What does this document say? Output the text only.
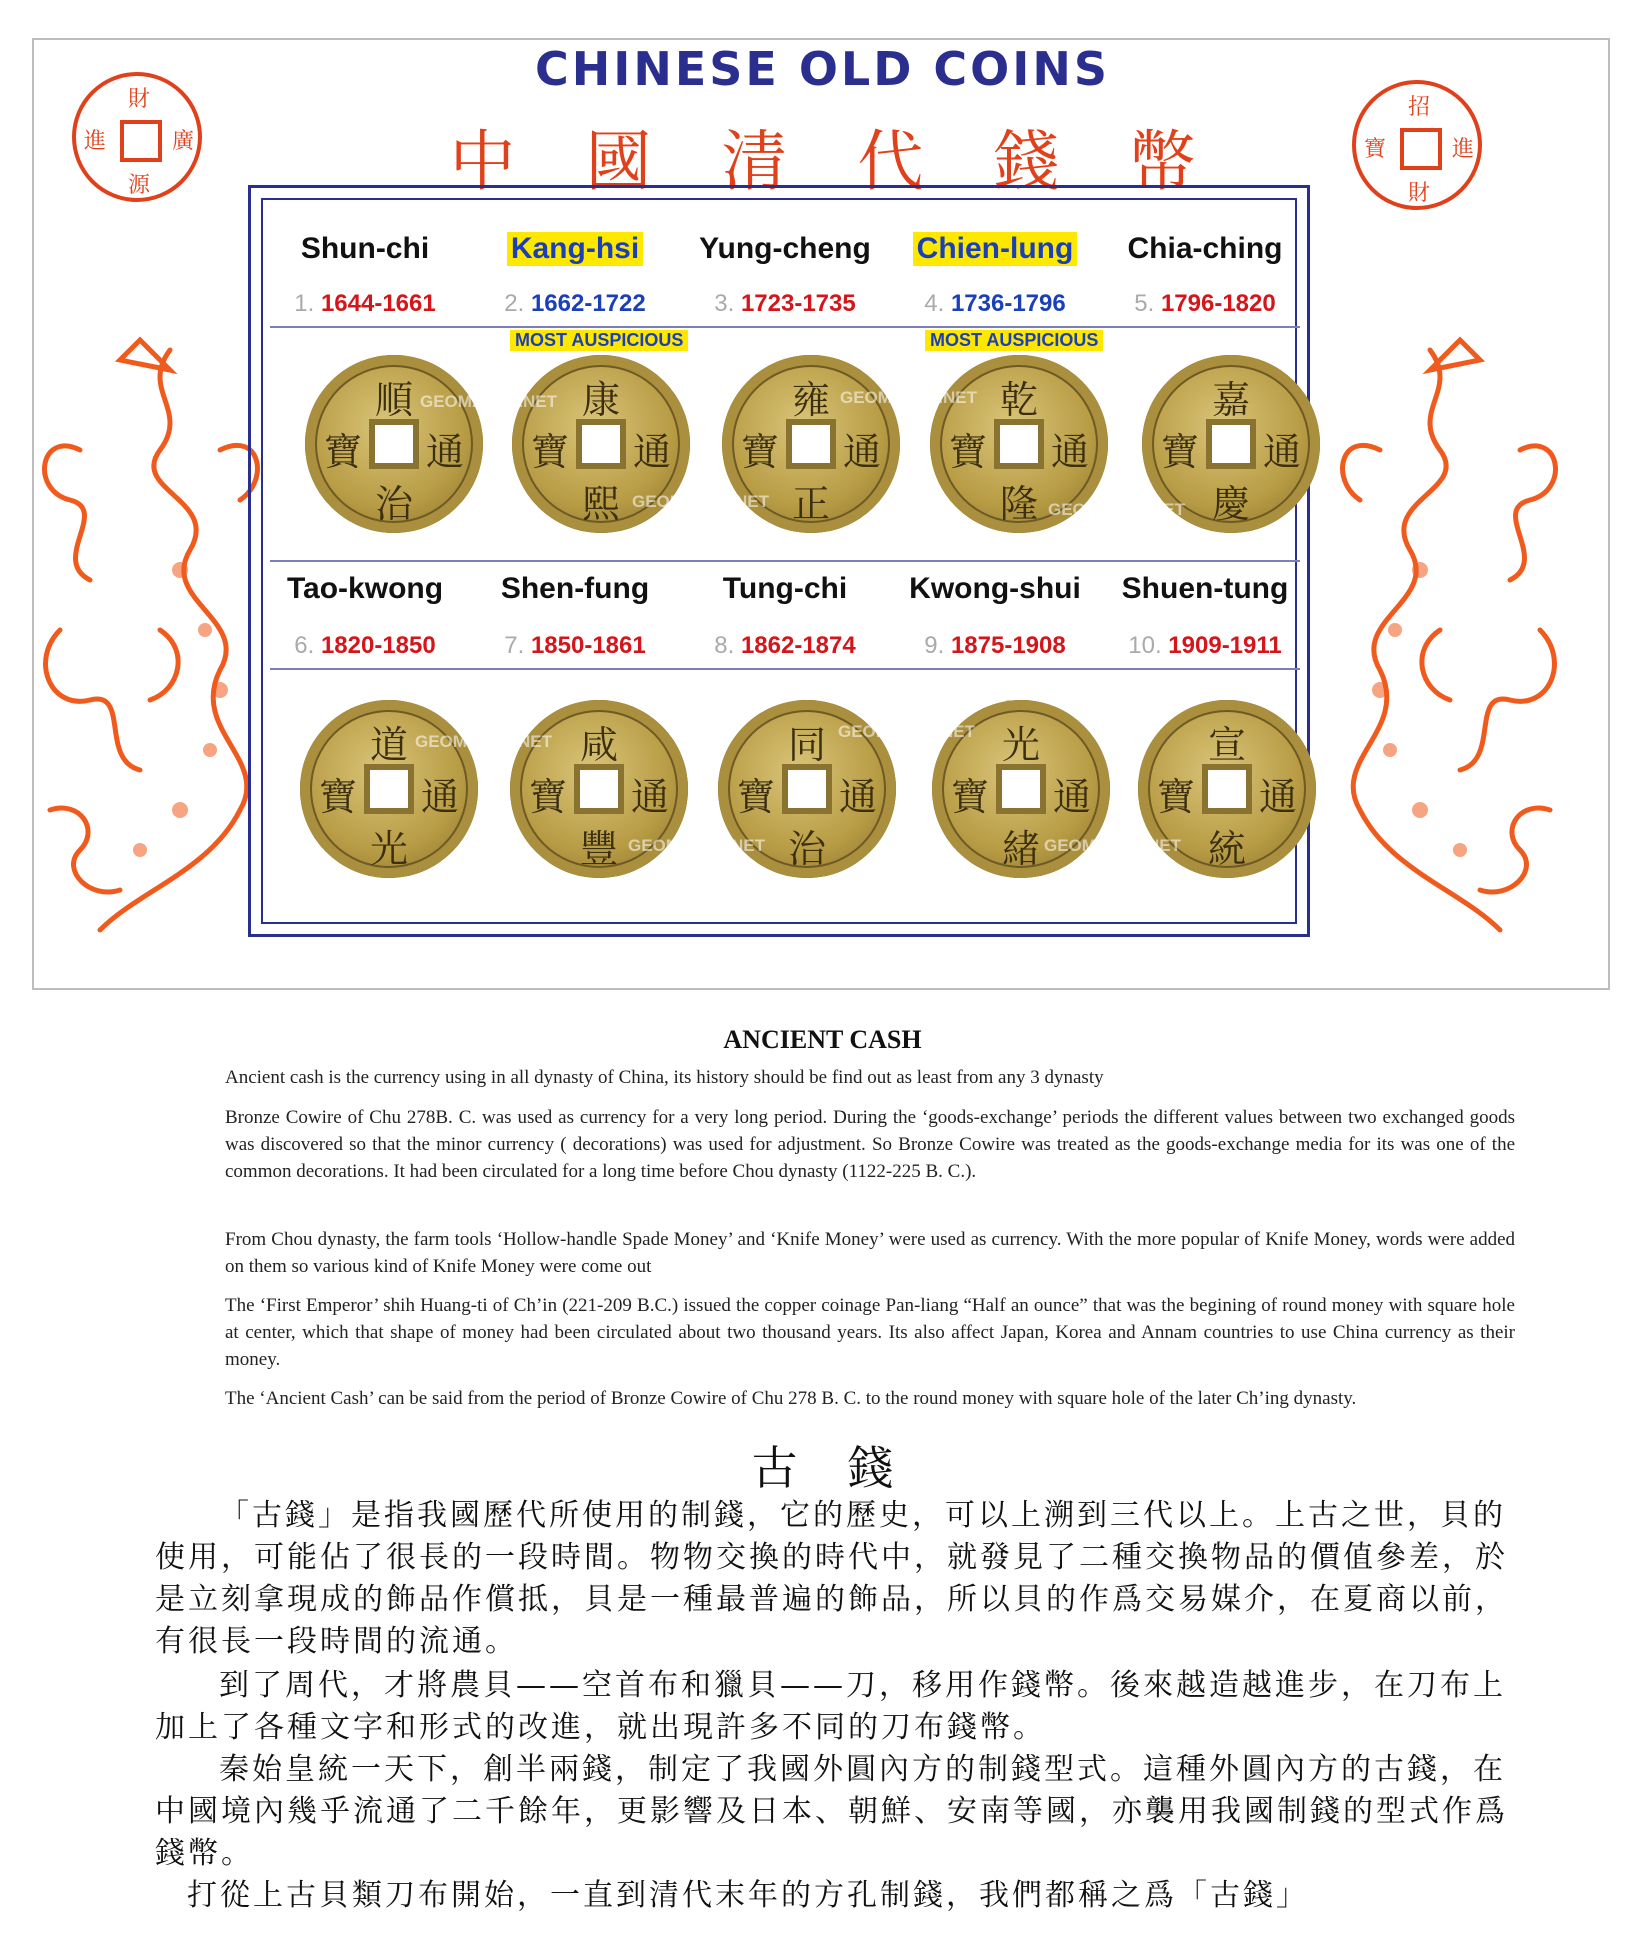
CHINESE OLD COINS
中國清代錢幣
財
廣
源
進
招
進
財
寶
Shun-chi	Kang-hsi	Yung-cheng	Chien-lung	Chia-ching
1. 1644-1661	2. 1662-1722	3. 1723-1735	4. 1736-1796	5. 1796-1820
MOST AUSPICIOUS	MOST AUSPICIOUS
順
治
寶 通
康
熙
寶 通
雍
正
寶 通
乾
隆
寶 通
嘉
慶
寶 通
GEOMANCY.NET	GEOMANCY.NET
GEOMANCY.NET	GEOMANCY.NET
Tao-kwong	Shen-fung	Tung-chi	Kwong-shui	Shuen-tung
6. 1820-1850	7. 1850-1861	8. 1862-1874	9. 1875-1908	10. 1909-1911
道
光
寶 通
咸
豐
寶 通
同
治
寶 通
光
緒
寶 通
宣
統
寶 通
GEOMANCY.NET
GEOMANCY.NET
GEOMANCY.NET	GEOMANCY.NET
ANCIENT CASH
Ancient cash is the currency using in all dynasty of China, its history should be find out as least from any 3 dynasty
Bronze Cowire of Chu 278B. C. was used as currency for a very long period. During the ‘goods-exchange’ periods the different values between two exchanged goods was discovered so that the minor currency ( decorations) was used for adjustment. So Bronze Cowire was treated as the goods-exchange media for its was one of the common decorations. It had been circulated for a long time before Chou dynasty (1122-225 B. C.).
From Chou dynasty, the farm tools ‘Hollow-handle Spade Money’ and ‘Knife Money’ were used as currency. With the more popular of Knife Money, words were added on them so various kind of Knife Money were come out
The ‘First Emperor’ shih Huang-ti of Ch’in (221-209 B.C.) issued the copper coinage Pan-liang “Half an ounce” that was the begining of round money with square hole at center, which that shape of money had been circulated about two thousand years. Its also affect Japan, Korea and Annam countries to use China currency as their money.
The ‘Ancient Cash’ can be said from the period of Bronze Cowire of Chu 278 B. C. to the round money with square hole of the later Ch’ing dynasty.
古錢

「古錢」是指我國歷代所使用的制錢，它的歷史，可以上溯到三代以上。上古之世，貝的使用，可能佔了很長的一段時間。物物交換的時代中，就發見了二種交換物品的價值參差，於是立刻拿現成的飾品作償抵，貝是一種最普遍的飾品，所以貝的作爲交易媒介，在夏商以前，有很長一段時間的流通。

到了周代，才將農貝——空首布和獵貝——刀，移用作錢幣。後來越造越進步，在刀布上加上了各種文字和形式的改進，就出現許多不同的刀布錢幣。

秦始皇統一天下，創半兩錢，制定了我國外圓內方的制錢型式。這種外圓內方的古錢，在中國境內幾乎流通了二千餘年，更影響及日本、朝鮮、安南等國，亦襲用我國制錢的型式作爲錢幣。

打從上古貝類刀布開始，一直到清代末年的方孔制錢，我們都稱之爲「古錢」
